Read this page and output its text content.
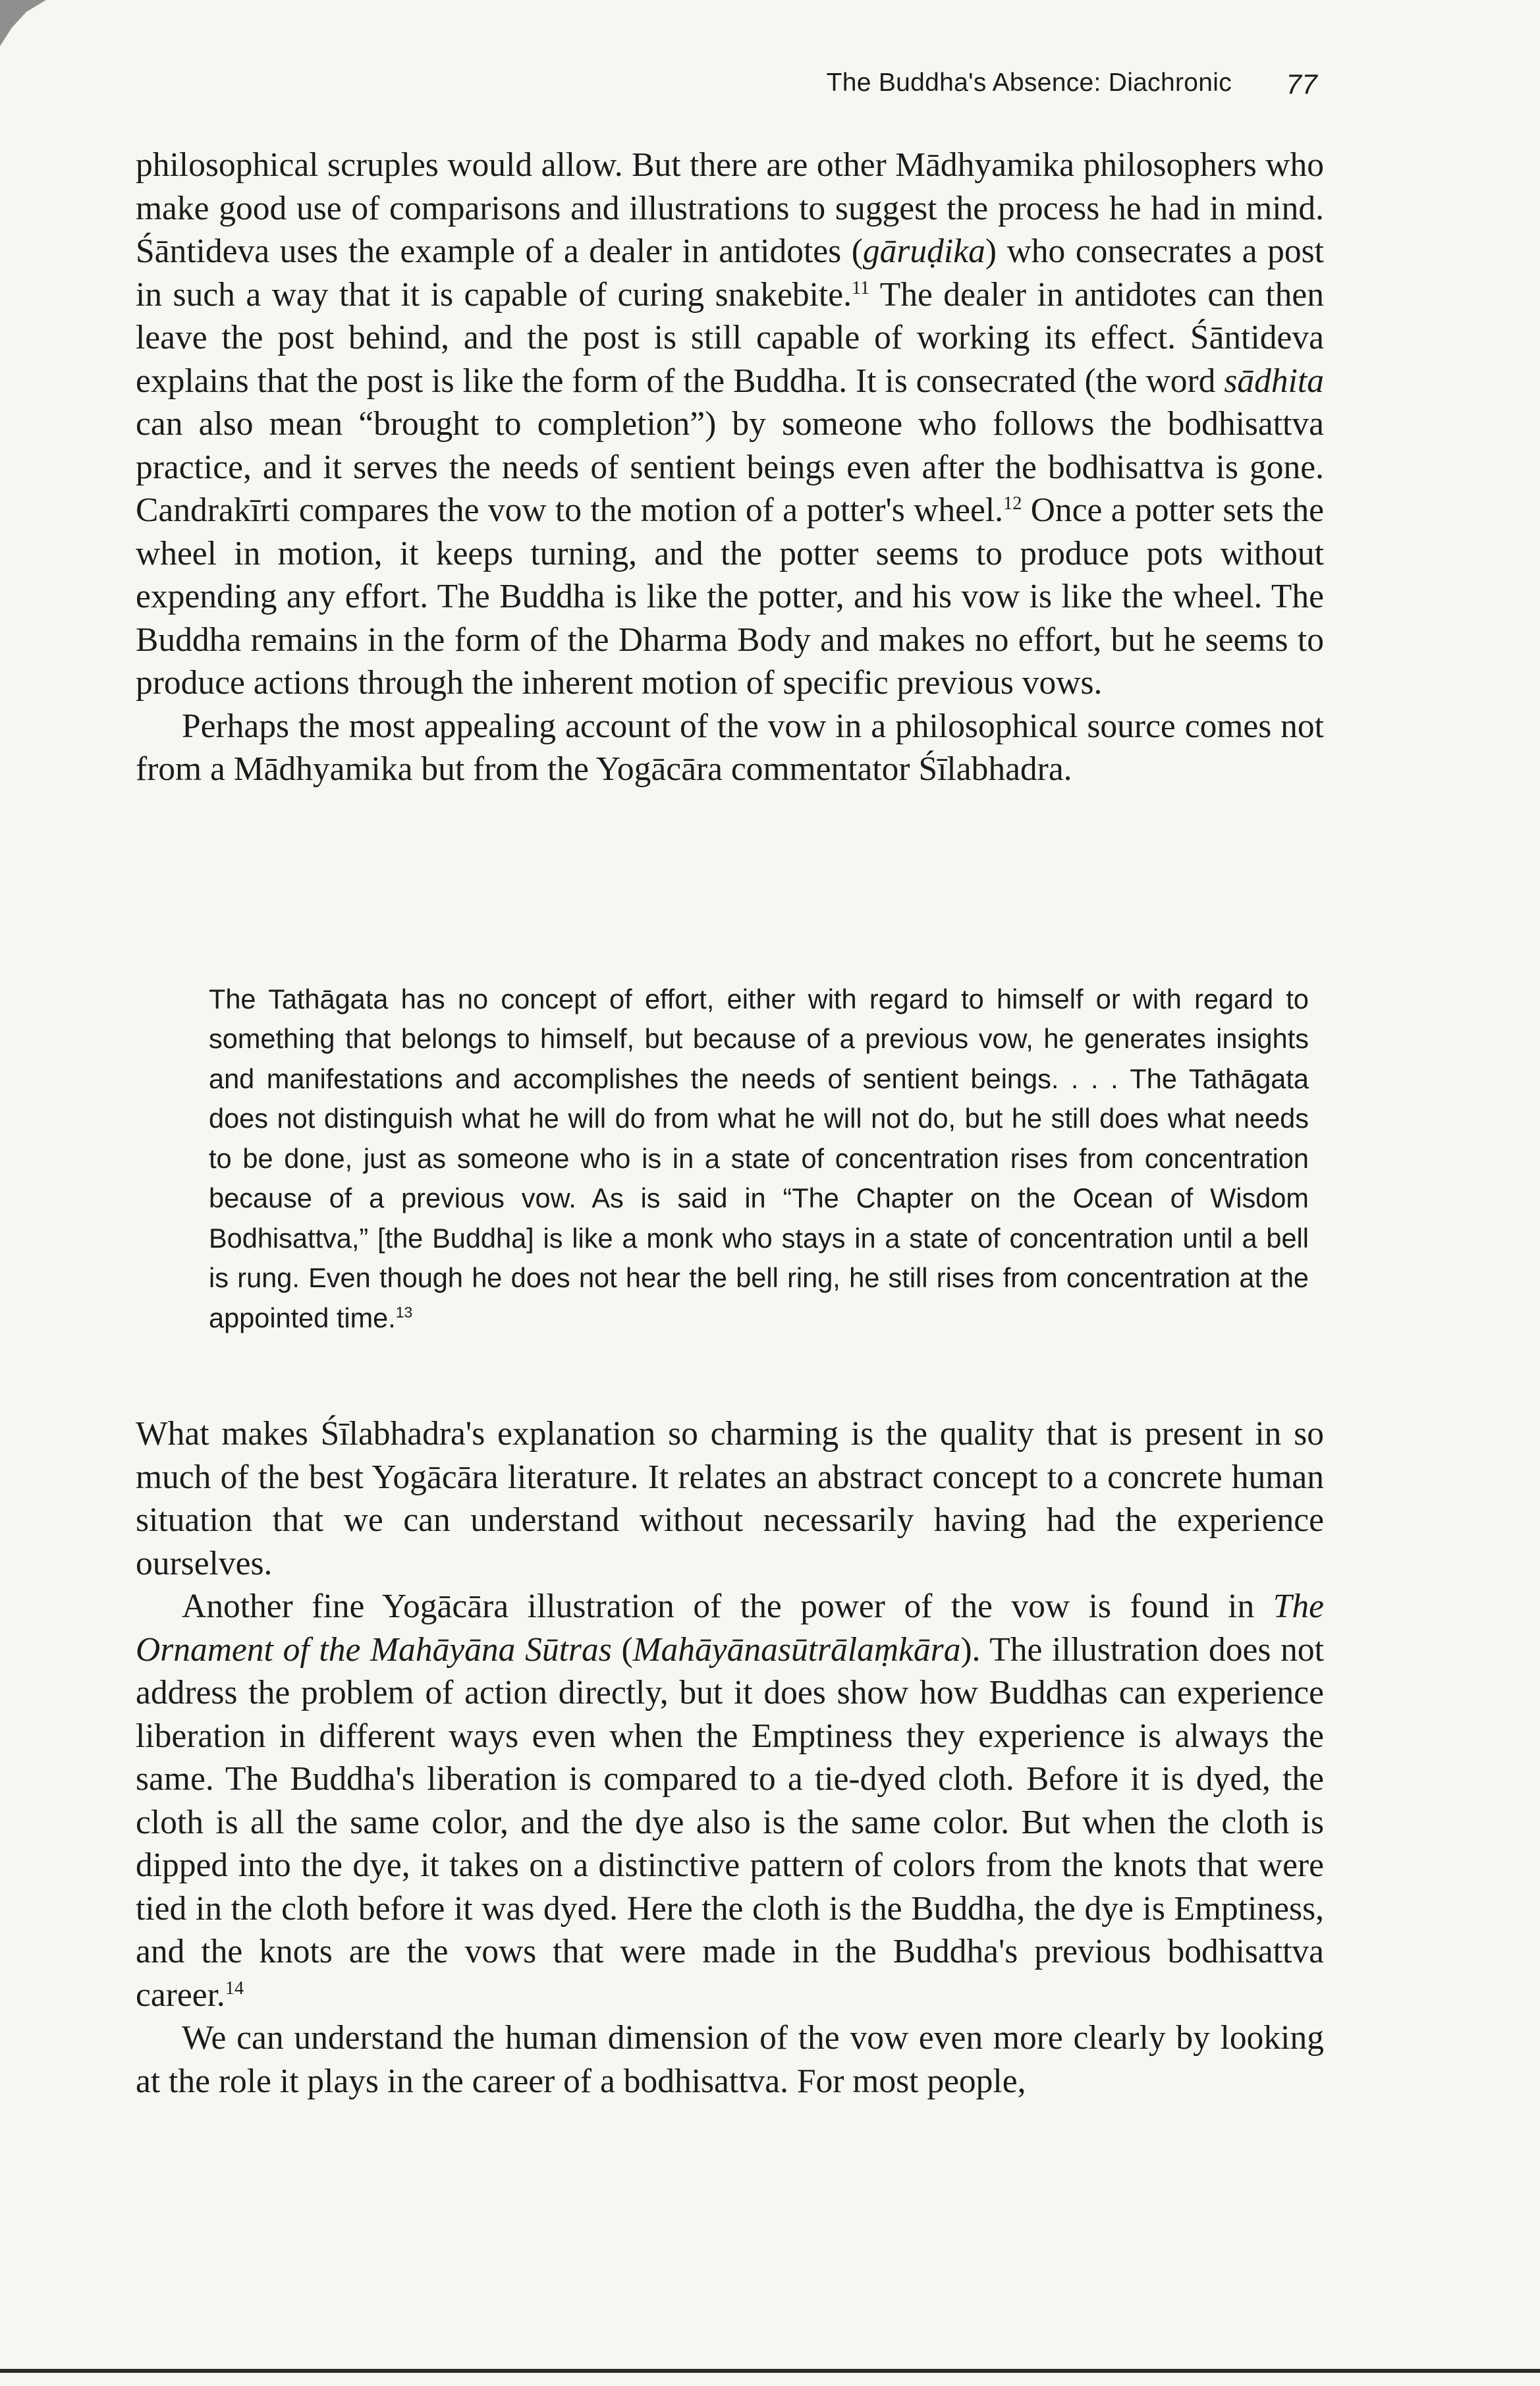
The Buddha's Absence: Diachronic 77

philosophical scruples would allow. But there are other Mādhyamika philosophers who make good use of comparisons and illustrations to suggest the process he had in mind. Śāntideva uses the example of a dealer in antidotes (gāruḍika) who consecrates a post in such a way that it is capable of curing snakebite.$^{11}$ The dealer in antidotes can then leave the post behind, and the post is still capable of working its effect. Śāntideva explains that the post is like the form of the Buddha. It is consecrated (the word sādhita can also mean “brought to completion”) by someone who follows the bodhisattva practice, and it serves the needs of sentient beings even after the bodhisattva is gone. Candrakīrti compares the vow to the motion of a potter's wheel.$^{12}$ Once a potter sets the wheel in motion, it keeps turning, and the potter seems to produce pots without expending any effort. The Buddha is like the potter, and his vow is like the wheel. The Buddha remains in the form of the Dharma Body and makes no effort, but he seems to produce actions through the inherent motion of specific previous vows.

Perhaps the most appealing account of the vow in a philosophical source comes not from a Mādhyamika but from the Yogācāra commentator Śīlabhadra.

The Tathāgata has no concept of effort, either with regard to himself or with regard to something that belongs to himself, but because of a previous vow, he generates insights and manifestations and accomplishes the needs of sentient beings. . . . The Tathāgata does not distinguish what he will do from what he will not do, but he still does what needs to be done, just as someone who is in a state of concentration rises from concentration because of a previous vow. As is said in “The Chapter on the Ocean of Wisdom Bodhisattva,” [the Buddha] is like a monk who stays in a state of concentration until a bell is rung. Even though he does not hear the bell ring, he still rises from concentration at the appointed time.$^{13}$

What makes Śīlabhadra's explanation so charming is the quality that is present in so much of the best Yogācāra literature. It relates an abstract concept to a concrete human situation that we can understand without necessarily having had the experience ourselves.

Another fine Yogācāra illustration of the power of the vow is found in The Ornament of the Mahāyāna Sūtras (Mahāyānasūtrālaṃkāra). The illustration does not address the problem of action directly, but it does show how Buddhas can experience liberation in different ways even when the Emptiness they experience is always the same. The Buddha's liberation is compared to a tie-dyed cloth. Before it is dyed, the cloth is all the same color, and the dye also is the same color. But when the cloth is dipped into the dye, it takes on a distinctive pattern of colors from the knots that were tied in the cloth before it was dyed. Here the cloth is the Buddha, the dye is Emptiness, and the knots are the vows that were made in the Buddha's previous bodhisattva career.$^{14}$

We can understand the human dimension of the vow even more clearly by looking at the role it plays in the career of a bodhisattva. For most people,
